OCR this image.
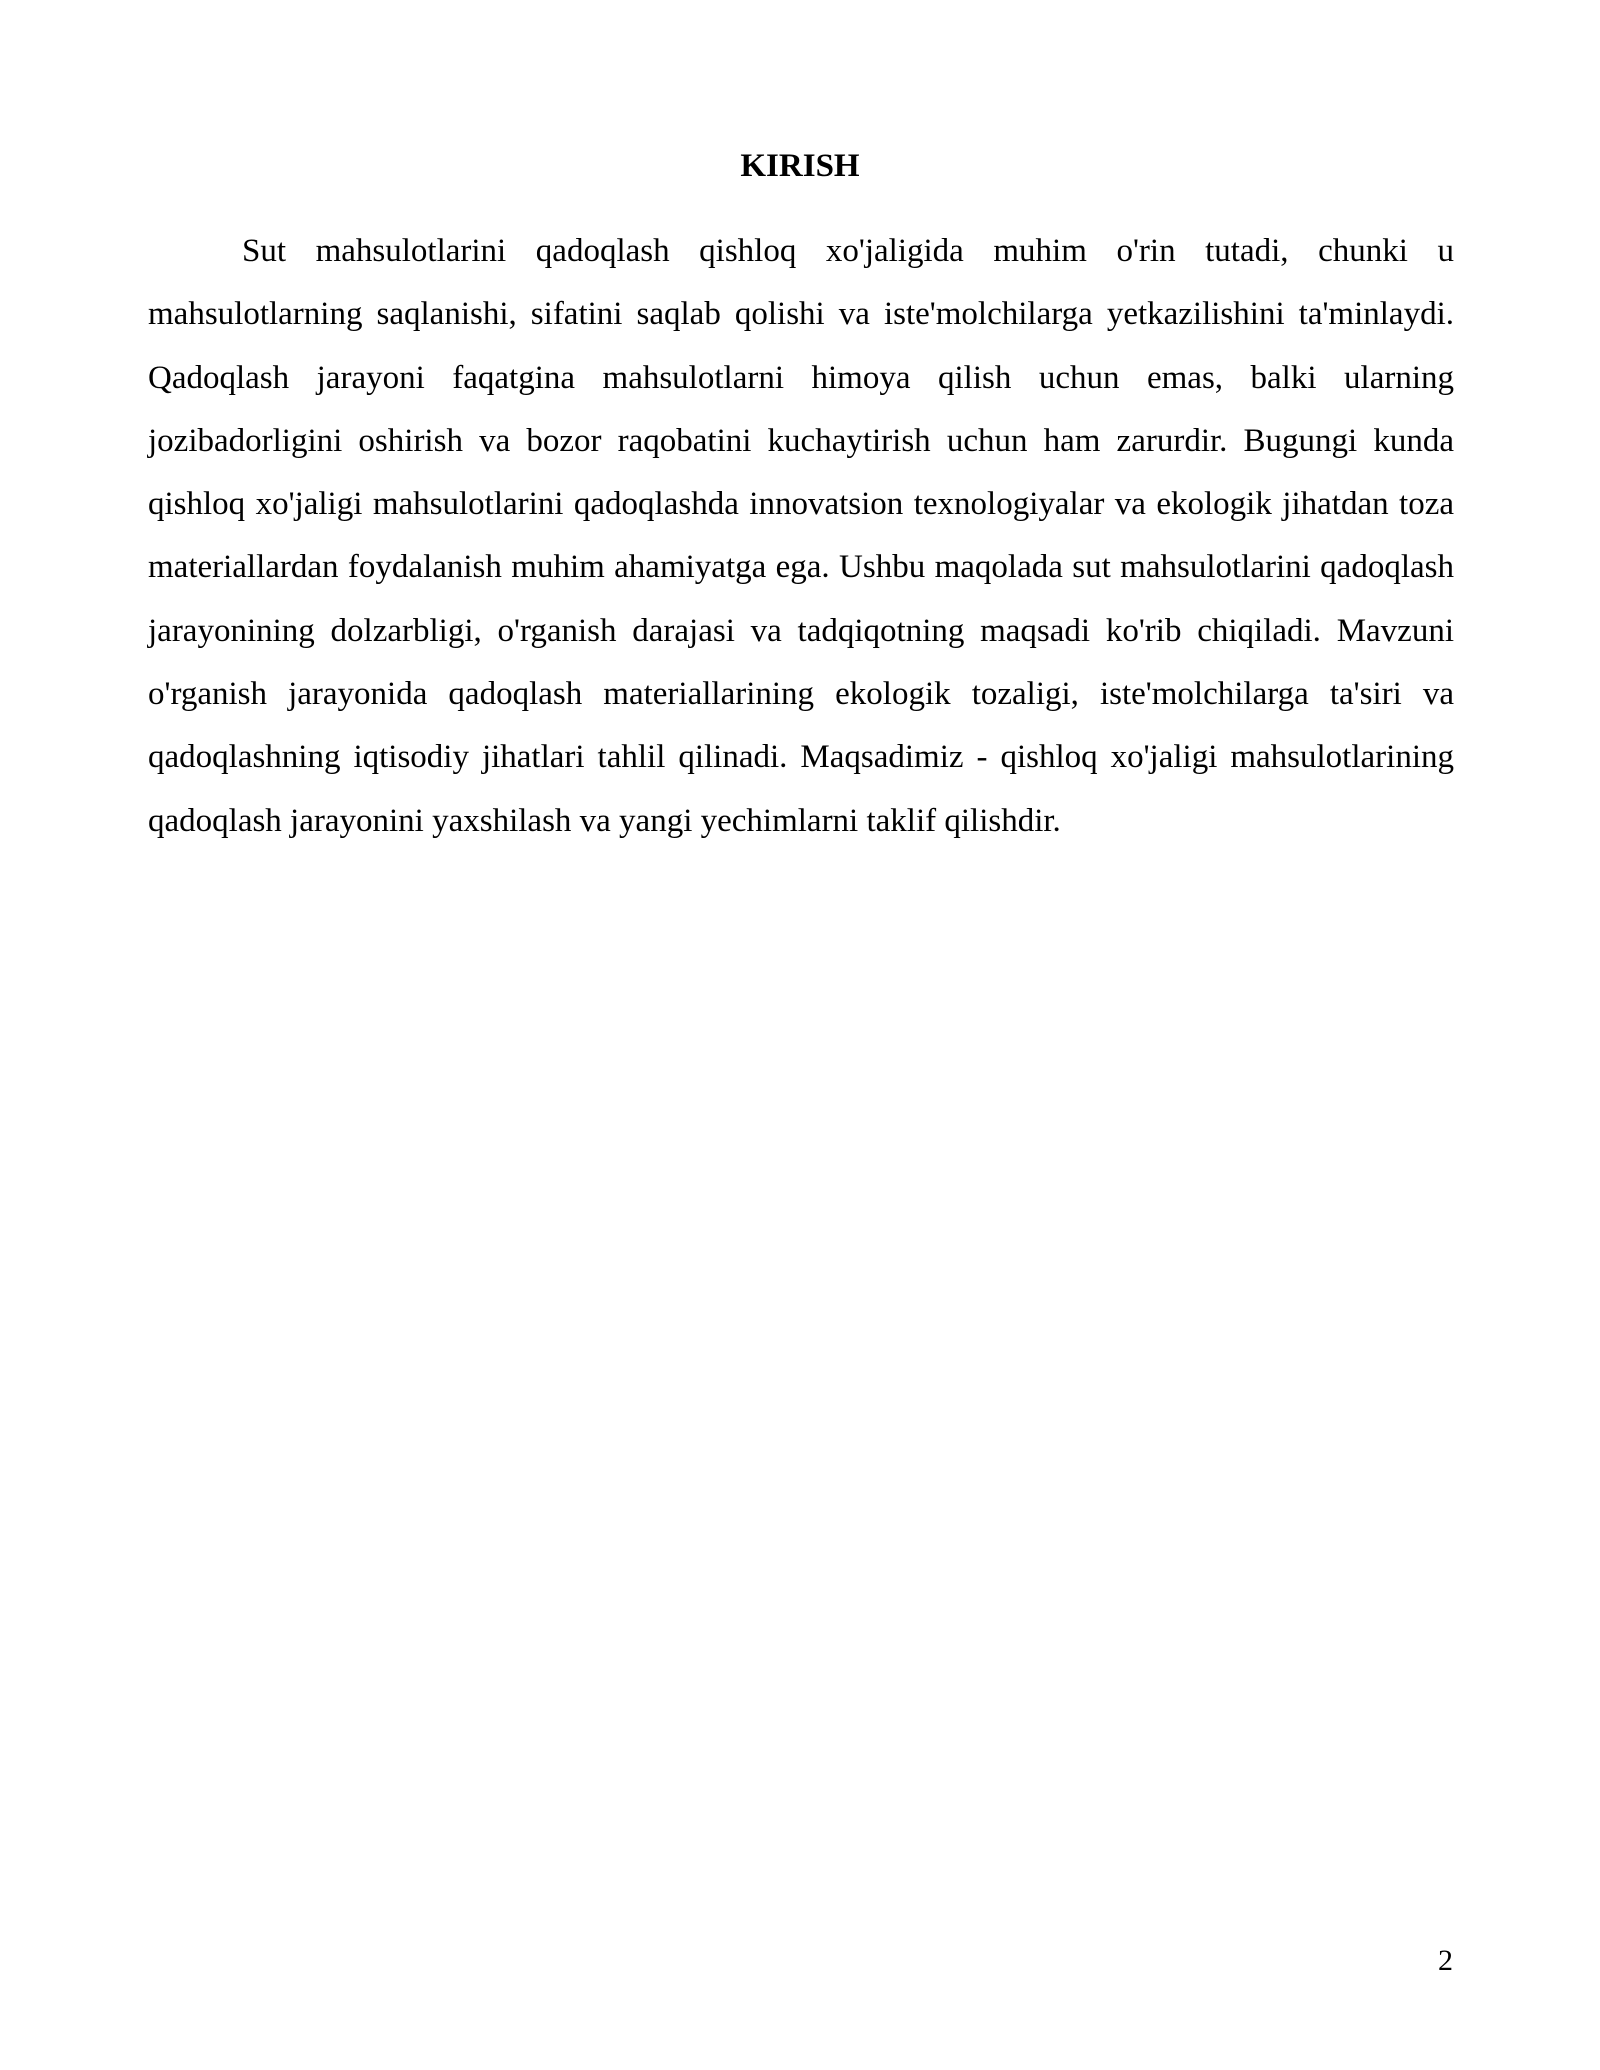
KIRISH

Sut mahsulotlarini qadoqlash qishloq xo'jaligida muhim o'rin tutadi, chunki u mahsulotlarning saqlanishi, sifatini saqlab qolishi va iste'molchilarga yetkazilishini ta'minlaydi. Qadoqlash jarayoni faqatgina mahsulotlarni himoya qilish uchun emas, balki ularning jozibadorligini oshirish va bozor raqobatini kuchaytirish uchun ham zarurdir. Bugungi kunda qishloq xo'jaligi mahsulotlarini qadoqlashda innovatsion texnologiyalar va ekologik jihatdan toza materiallardan foydalanish muhim ahamiyatga ega. Ushbu maqolada sut mahsulotlarini qadoqlash jarayonining dolzarbligi, o'rganish darajasi va tadqiqotning maqsadi ko'rib chiqiladi. Mavzuni o'rganish jarayonida qadoqlash materiallarining ekologik tozaligi, iste'molchilarga ta'siri va qadoqlashning iqtisodiy jihatlari tahlil qilinadi. Maqsadimiz - qishloq xo'jaligi mahsulotlarining qadoqlash jarayonini yaxshilash va yangi yechimlarni taklif qilishdir.

2
